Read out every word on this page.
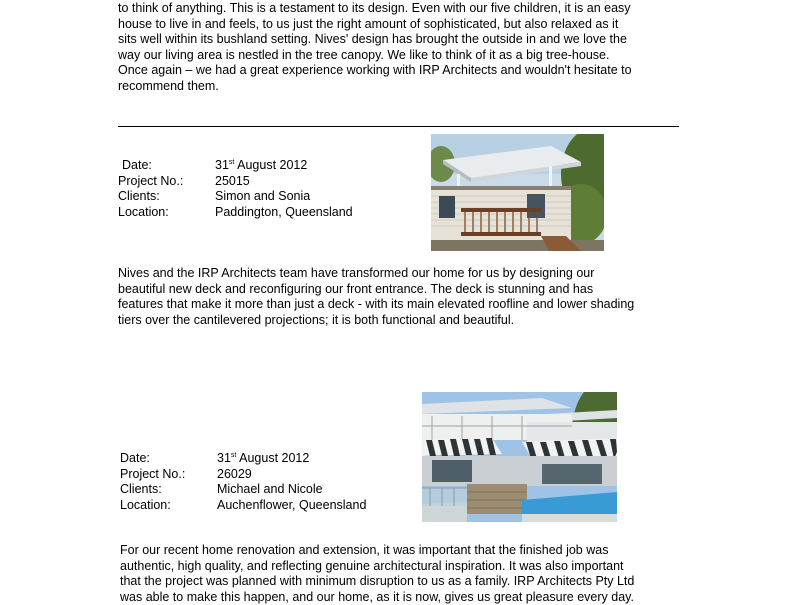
to think of anything. This is a testament to its design. Even with our five children, it is an easy
house to live in and feels, to us just the right amount of sophisticated, but also relaxed as it
sits well within its bushland setting. Nives' design has brought the outside in and we love the
way our living area is nestled in the tree canopy. We like to think of it as a big tree-house.
Once again – we had a great experience working with IRP Architects and wouldn't hesitate to
recommend them.
Date:	31st August 2012
Project No.:	25015
Clients:	Simon and Sonia
Location:	Paddington, Queensland
Nives and the IRP Architects team have transformed our home for us by designing our
beautiful new deck and reconfiguring our front entrance. The deck is stunning and has
features that make it more than just a deck - with its main elevated roofline and lower shading
tiers over the cantilevered projections; it is both functional and beautiful.
Date:	31st August 2012
Project No.:	26029
Clients:	Michael and Nicole
Location:	Auchenflower, Queensland
For our recent home renovation and extension, it was important that the finished job was
authentic, high quality, and reflecting genuine architectural inspiration. It was also important
that the project was planned with minimum disruption to us as a family. IRP Architects Pty Ltd
was able to make this happen, and our home, as it is now, gives us great pleasure every day.
